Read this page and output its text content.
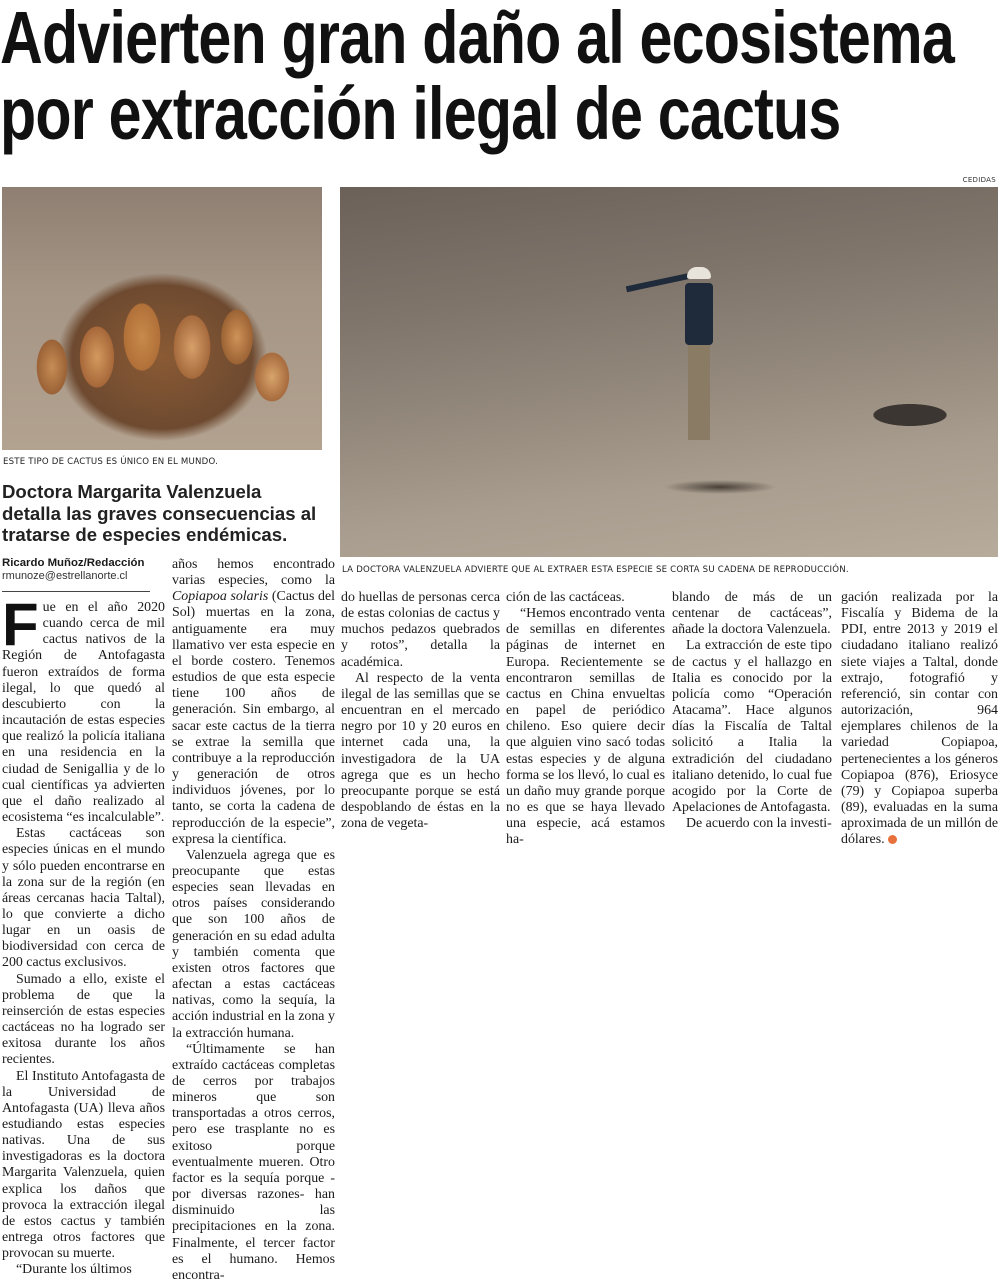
Advierten gran daño al ecosistema
por extracción ilegal de cactus
CEDIDAS
ESTE TIPO DE CACTUS ES ÚNICO EN EL MUNDO.
LA DOCTORA VALENZUELA ADVIERTE QUE AL EXTRAER ESTA ESPECIE SE CORTA SU CADENA DE REPRODUCCIÓN.
Doctora Margarita Valenzuela detalla las graves consecuencias al tratarse de especies endémicas.
Ricardo Muñoz/Redacción
rmunoze@estrellanorte.cl

Fue en el año 2020 cuando cerca de mil cactus nativos de la Región de Antofagasta fueron extraídos de forma ilegal, lo que quedó al descubierto con la incautación de estas especies que realizó la policía italiana en una residencia en la ciudad de Senigallia y de lo cual científicas ya advierten que el daño realizado al ecosistema “es incalculable”.

Estas cactáceas son especies únicas en el mundo y sólo pueden encontrarse en la zona sur de la región (en áreas cercanas hacia Taltal), lo que convierte a dicho lugar en un oasis de biodiversidad con cerca de 200 cactus exclusivos.

Sumado a ello, existe el problema de que la reinserción de estas especies cactáceas no ha logrado ser exitosa durante los años recientes.

El Instituto Antofagasta de la Universidad de Antofagasta (UA) lleva años estudiando estas especies nativas. Una de sus investigadoras es la doctora Margarita Valenzuela, quien explica los daños que provoca la extracción ilegal de estos cactus y también entrega otros factores que provocan su muerte.

“Durante los últimos

años hemos encontrado varias especies, como la Copiapoa solaris (Cactus del Sol) muertas en la zona, antiguamente era muy llamativo ver esta especie en el borde costero. Tenemos estudios de que esta especie tiene 100 años de generación. Sin embargo, al sacar este cactus de la tierra se extrae la semilla que contribuye a la reproducción y generación de otros individuos jóvenes, por lo tanto, se corta la cadena de reproducción de la especie”, expresa la científica.

Valenzuela agrega que es preocupante que estas especies sean llevadas en otros países considerando que son 100 años de generación en su edad adulta y también comenta que existen otros factores que afectan a estas cactáceas nativas, como la sequía, la acción industrial en la zona y la extracción humana.

“Últimamente se han extraído cactáceas completas de cerros por trabajos mineros que son transportadas a otros cerros, pero ese trasplante no es exitoso porque eventualmente mueren. Otro factor es la sequía porque -por diversas razones- han disminuido las precipitaciones en la zona. Finalmente, el tercer factor es el humano. Hemos encontra-

do huellas de personas cerca de estas colonias de cactus y muchos pedazos quebrados y rotos”, detalla la académica.

Al respecto de la venta ilegal de las semillas que se encuentran en el mercado negro por 10 y 20 euros en internet cada una, la investigadora de la UA agrega que es un hecho preocupante porque se está despoblando de éstas en la zona de vegeta-

ción de las cactáceas.

“Hemos encontrado venta de semillas en diferentes páginas de internet en Europa. Recientemente se encontraron semillas de cactus en China envueltas en papel de periódico chileno. Eso quiere decir que alguien vino sacó todas estas especies y de alguna forma se los llevó, lo cual es un daño muy grande porque no es que se haya llevado una especie, acá estamos ha-

blando de más de un centenar de cactáceas”, añade la doctora Valenzuela.

La extracción de este tipo de cactus y el hallazgo en Italia es conocido por la policía como “Operación Atacama”. Hace algunos días la Fiscalía de Taltal solicitó a Italia la extradición del ciudadano italiano detenido, lo cual fue acogido por la Corte de Apelaciones de Antofagasta.

De acuerdo con la investi-

gación realizada por la Fiscalía y Bidema de la PDI, entre 2013 y 2019 el ciudadano italiano realizó siete viajes a Taltal, donde extrajo, fotografió y referenció, sin contar con autorización, 964 ejemplares chilenos de la variedad Copiapoa, pertenecientes a los géneros Copiapoa (876), Eriosyce (79) y Copiapoa superba (89), evaluadas en la suma aproximada de un millón de dólares.
